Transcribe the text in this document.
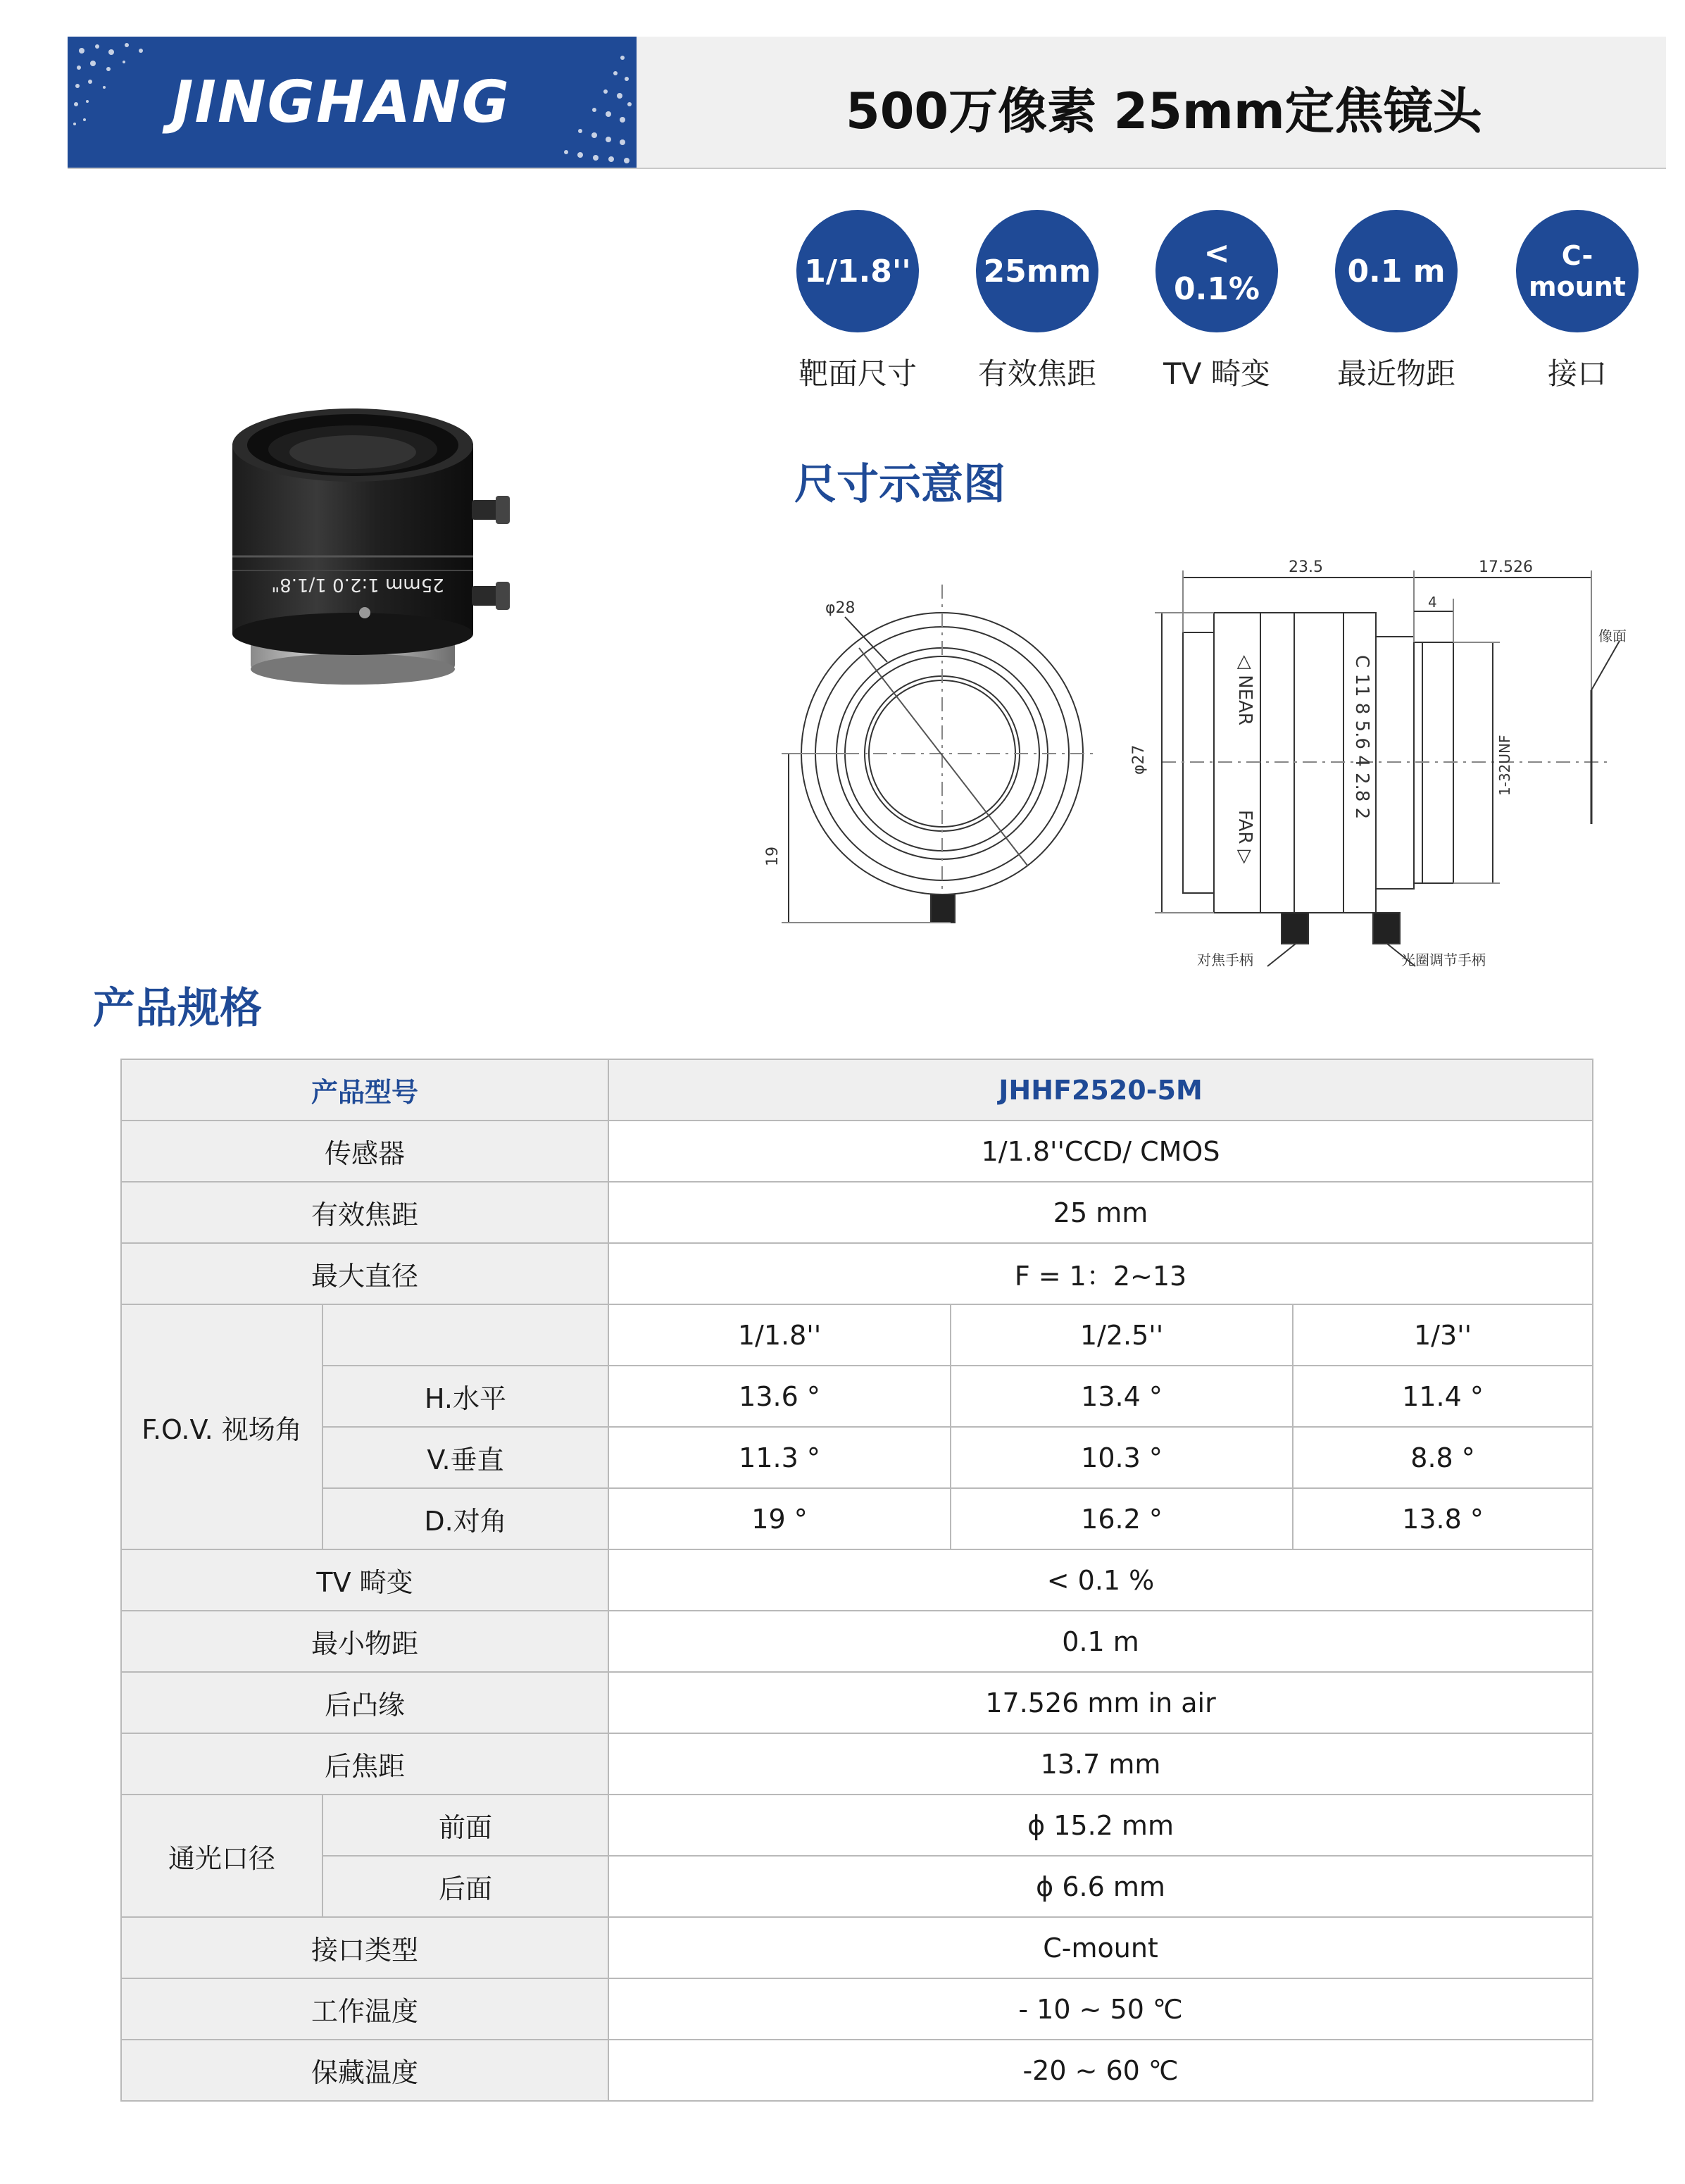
JINGHANG	500万像素 25mm定焦镜头
1/1.8''
靶面尺寸
25mm
有效焦距
< 0.1%
TV 畸变
0.1 m
最近物距
C-mount
接口
25mm 1:2.0 1/1.8"
尺寸示意图
φ28
19
23.5	17.526
4
φ27	1-32UNF
像面
对焦手柄	光圈调节手柄
◁ NEAR
FAR ▷
C 11 8 5.6 4 2.8 2
产品规格
产品型号		JHHF2520-5M		
传感器		1/1.8''CCD/ CMOS		
有效焦距		25 mm		
最大直径		F = 1：2~13		
F.O.V. 视场角		1/1.8''	1/2.5''	1/3''
	H.水平	13.6 °	13.4 °	11.4 °
	V.垂直	11.3 °	10.3 °	8.8 °
	D.对角	19 °	16.2 °	13.8 °
TV 畸变		< 0.1 %		
最小物距		0.1 m		
后凸缘		17.526 mm in air		
后焦距		13.7 mm		
通光口径	前面	ϕ 15.2 mm		
	后面	ϕ 6.6 mm		
接口类型		C-mount		
工作温度		- 10 ~ 50 ℃		
保藏温度		-20 ~ 60 ℃		
